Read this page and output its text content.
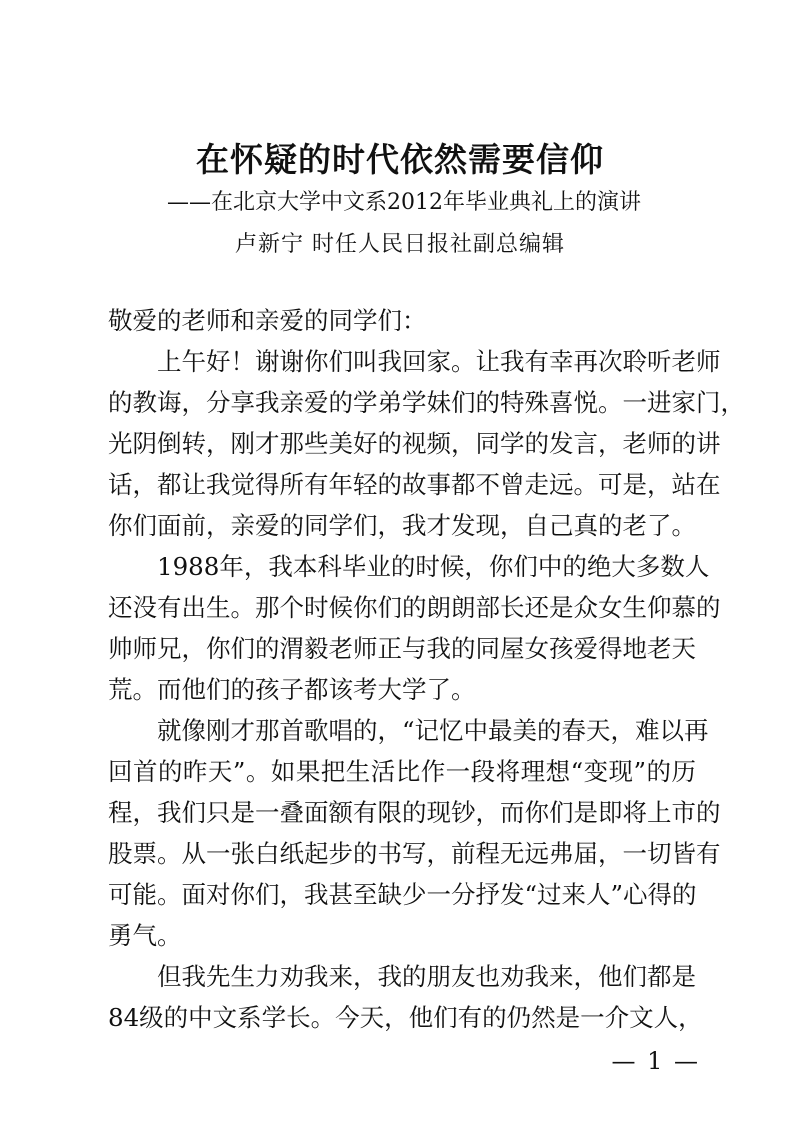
在怀疑的时代依然需要信仰
——在北京大学中文系2012年毕业典礼上的演讲
卢新宁 时任人民日报社副总编辑
敬爱的老师和亲爱的同学们：
上午好！谢谢你们叫我回家。让我有幸再次聆听老师
的教诲，分享我亲爱的学弟学妹们的特殊喜悦。一进家门，
光阴倒转，刚才那些美好的视频，同学的发言，老师的讲
话，都让我觉得所有年轻的故事都不曾走远。可是，站在
你们面前，亲爱的同学们，我才发现，自己真的老了。
1988年，我本科毕业的时候，你们中的绝大多数人
还没有出生。那个时候你们的朗朗部长还是众女生仰慕的
帅师兄，你们的渭毅老师正与我的同屋女孩爱得地老天
荒。而他们的孩子都该考大学了。
就像刚才那首歌唱的，“记忆中最美的春天，难以再
回首的昨天”。如果把生活比作一段将理想“变现”的历
程，我们只是一叠面额有限的现钞，而你们是即将上市的
股票。从一张白纸起步的书写，前程无远弗届，一切皆有
可能。面对你们，我甚至缺少一分抒发“过来人”心得的
勇气。
但我先生力劝我来，我的朋友也劝我来，他们都是
84级的中文系学长。今天，他们有的仍然是一介文人，
— 1 —
